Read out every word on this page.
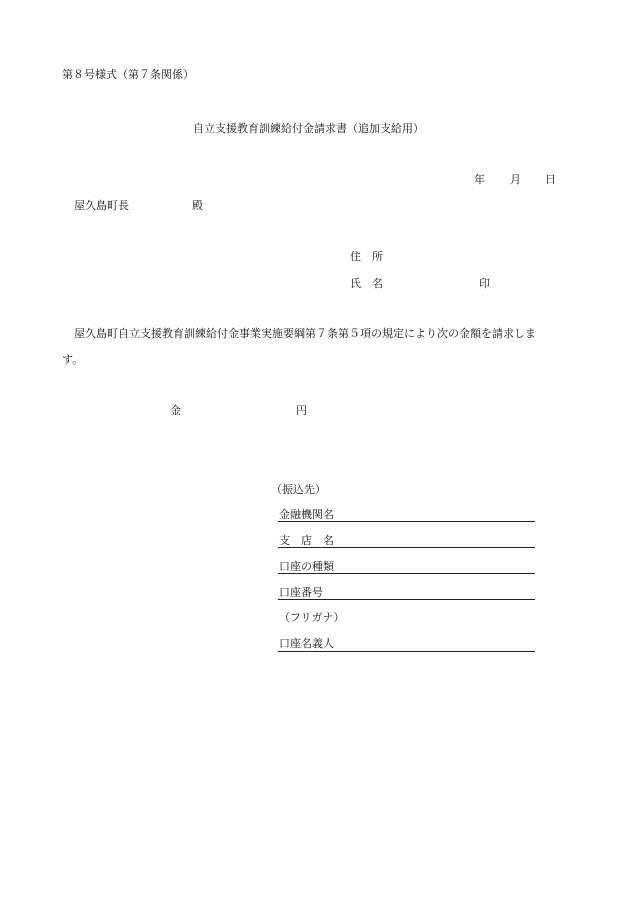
第８号様式（第７条関係）
自立支援教育訓練給付金請求書（追加支給用）
年 月 日
屋久島町長	殿
住　所
氏　名	印
屋久島町自立支援教育訓練給付金事業実施要綱第７条第５項の規定により次の金額を請求しま
す。
金	円
（振込先）
金融機関名
支　店　名
口座の種類
口座番号
（フリガナ）
口座名義人
